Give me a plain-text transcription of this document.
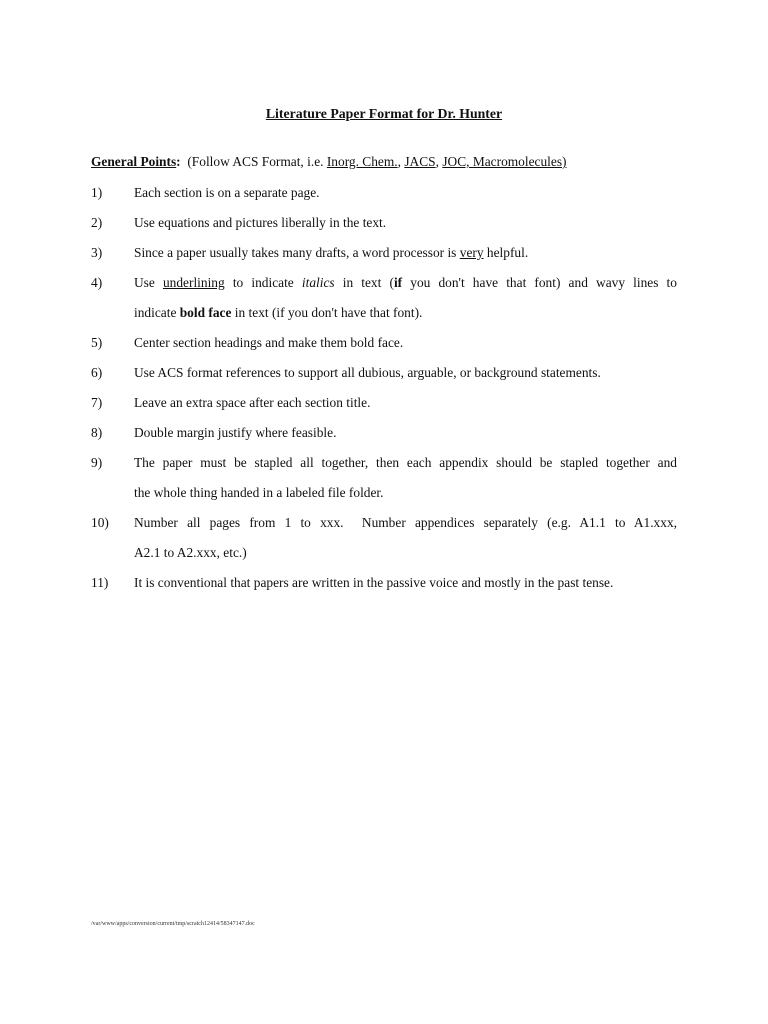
Literature Paper Format for Dr. Hunter
General Points:  (Follow ACS Format, i.e. Inorg. Chem., JACS, JOC, Macromolecules)
1) Each section is on a separate page.
2) Use equations and pictures liberally in the text.
3) Since a paper usually takes many drafts, a word processor is very helpful.
4) Use underlining to indicate italics in text (if you don't have that font) and wavy lines to
indicate bold face in text (if you don't have that font).
5) Center section headings and make them bold face.
6) Use ACS format references to support all dubious, arguable, or background statements.
7) Leave an extra space after each section title.
8) Double margin justify where feasible.
9) The paper must be stapled all together, then each appendix should be stapled together and
the whole thing handed in a labeled file folder.
10) Number all pages from 1 to xxx.  Number appendices separately (e.g. A1.1 to A1.xxx,
A2.1 to A2.xxx, etc.)
11) It is conventional that papers are written in the passive voice and mostly in the past tense.
/var/www/apps/conversion/current/tmp/scratch12414/58347147.doc
